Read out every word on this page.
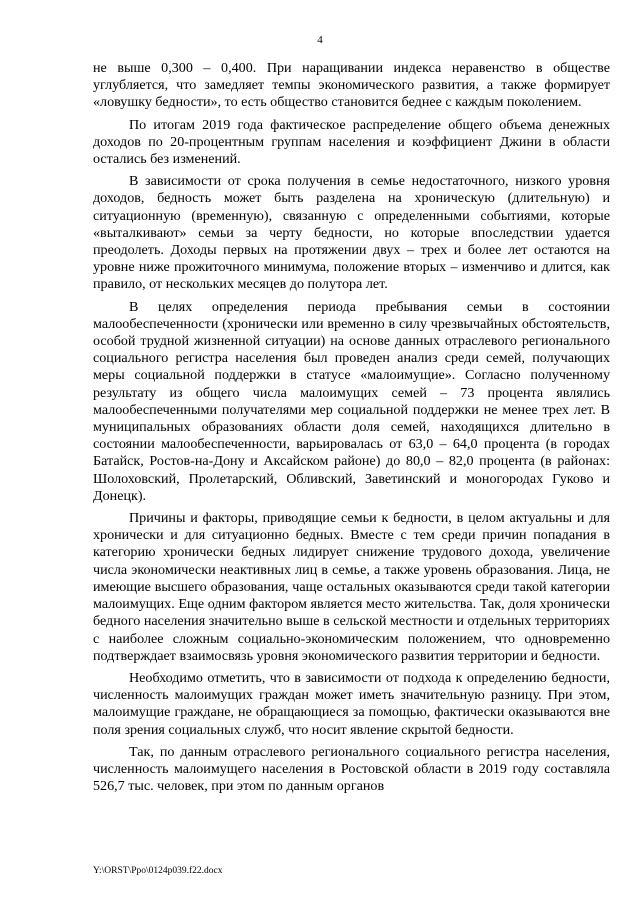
4

не выше 0,300 – 0,400. При наращивании индекса неравенство в обществе углубляется, что замедляет темпы экономического развития, а также формирует «ловушку бедности», то есть общество становится беднее с каждым поколением.

По итогам 2019 года фактическое распределение общего объема денежных доходов по 20-процентным группам населения и коэффициент Джини в области остались без изменений.

В зависимости от срока получения в семье недостаточного, низкого уровня доходов, бедность может быть разделена на хроническую (длительную) и ситуационную (временную), связанную с определенными событиями, которые «выталкивают» семьи за черту бедности, но которые впоследствии удается преодолеть. Доходы первых на протяжении двух – трех и более лет остаются на уровне ниже прожиточного минимума, положение вторых – изменчиво и длится, как правило, от нескольких месяцев до полутора лет.

В целях определения периода пребывания семьи в состоянии малообеспеченности (хронически или временно в силу чрезвычайных обстоятельств, особой трудной жизненной ситуации) на основе данных отраслевого регионального социального регистра населения был проведен анализ среди семей, получающих меры социальной поддержки в статусе «малоимущие». Согласно полученному результату из общего числа малоимущих семей – 73 процента являлись малообеспеченными получателями мер социальной поддержки не менее трех лет. В муниципальных образованиях области доля семей, находящихся длительно в состоянии малообеспеченности, варьировалась от 63,0 – 64,0 процента (в городах Батайск, Ростов-на-Дону и Аксайском районе) до 80,0 – 82,0 процента (в районах: Шолоховский, Пролетарский, Обливский, Заветинский и моногородах Гуково и Донецк).

Причины и факторы, приводящие семьи к бедности, в целом актуальны и для хронически и для ситуационно бедных. Вместе с тем среди причин попадания в категорию хронически бедных лидирует снижение трудового дохода, увеличение числа экономически неактивных лиц в семье, а также уровень образования. Лица, не имеющие высшего образования, чаще остальных оказываются среди такой категории малоимущих. Еще одним фактором является место жительства. Так, доля хронически бедного населения значительно выше в сельской местности и отдельных территориях с наиболее сложным социально-экономическим положением, что одновременно подтверждает взаимосвязь уровня экономического развития территории и бедности.

Необходимо отметить, что в зависимости от подхода к определению бедности, численность малоимущих граждан может иметь значительную разницу. При этом, малоимущие граждане, не обращающиеся за помощью, фактически оказываются вне поля зрения социальных служб, что носит явление скрытой бедности.

Так, по данным отраслевого регионального социального регистра населения, численность малоимущего населения в Ростовской области в 2019 году составляла 526,7 тыс. человек, при этом по данным органов

Y:\ORST\Ppo\0124p039.f22.docx
